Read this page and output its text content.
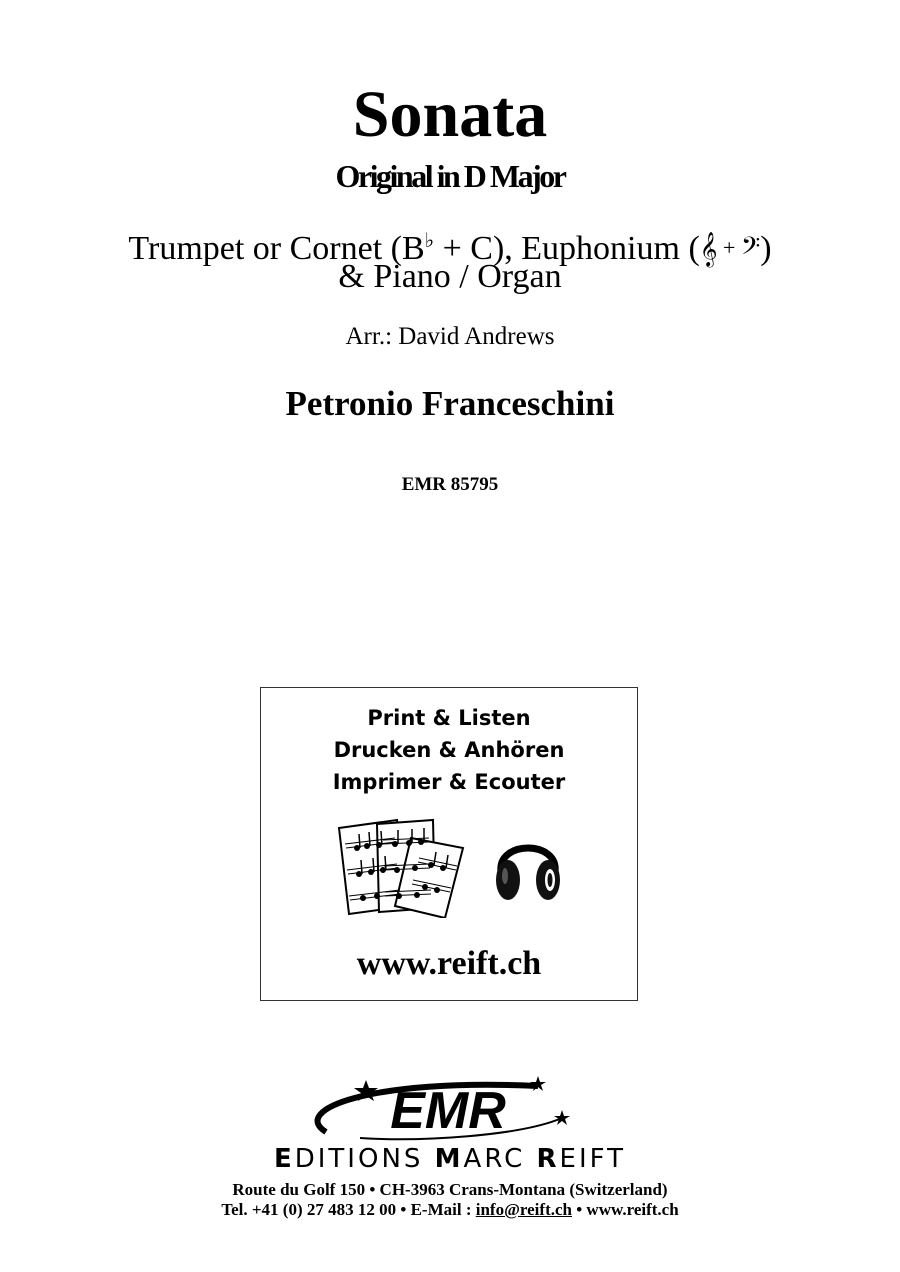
Sonata
Original in D Major
Trumpet or Cornet (B♭ + C), Euphonium (𝄞 + 𝄢)
& Piano / Organ
Arr.: David Andrews
Petronio Franceschini
EMR 85795
Print & Listen
Drucken & Anhören
Imprimer & Ecouter
www.reift.ch
EMR
EDITIONS MARC REIFT
Route du Golf 150 • CH-3963 Crans-Montana (Switzerland)
Tel. +41 (0) 27 483 12 00 • E-Mail : info@reift.ch • www.reift.ch
